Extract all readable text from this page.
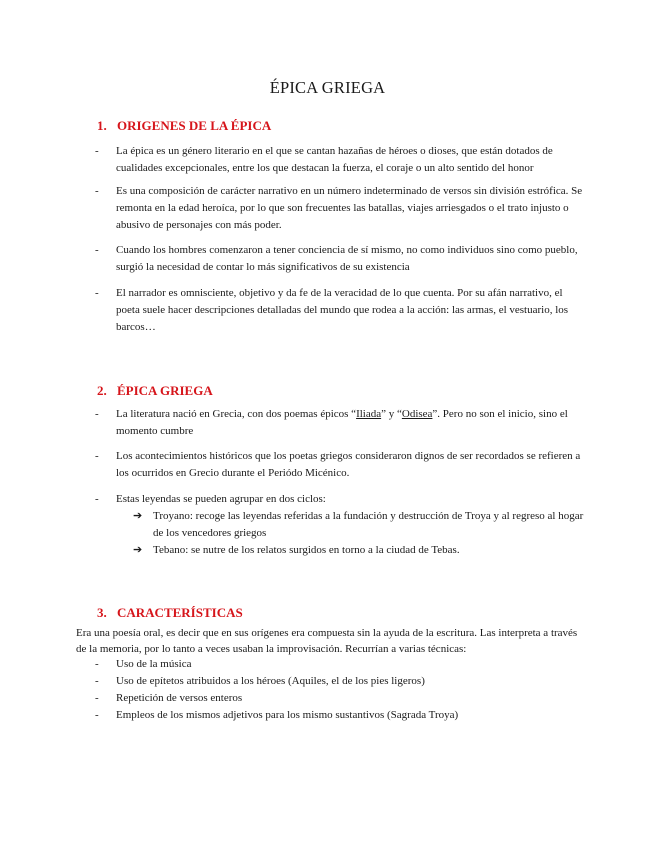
ÉPICA GRIEGA
1. ORIGENES DE LA ÉPICA
- La épica es un género literario en el que se cantan hazañas de héroes o dioses, que están dotados de cualidades excepcionales, entre los que destacan la fuerza, el coraje o un alto sentido del honor
- Es una composición de carácter narrativo en un número indeterminado de versos sin división estrófica. Se remonta en la edad heroíca, por lo que son frecuentes las batallas, viajes arriesgados o el trato injusto o abusivo de personajes con más poder.
- Cuando los hombres comenzaron a tener conciencia de sí mismo, no como individuos sino como pueblo, surgió la necesidad de contar lo más significativos de su existencia
- El narrador es omnisciente, objetivo y da fe de la veracidad de lo que cuenta. Por su afán narrativo, el poeta suele hacer descripciones detalladas del mundo que rodea a la acción: las armas, el vestuario, los barcos…
2. ÉPICA GRIEGA
- La literatura nació en Grecia, con dos poemas épicos “Iliada” y “Odisea”. Pero no son el inicio, sino el momento cumbre
- Los acontecimientos históricos que los poetas griegos consideraron dignos de ser recordados se refieren a los ocurridos en Grecio durante el Periódo Micénico.
- Estas leyendas se pueden agrupar en dos ciclos:
➔ Troyano: recoge las leyendas referidas a la fundación y destrucción de Troya y al regreso al hogar de los vencedores griegos
➔ Tebano: se nutre de los relatos surgidos en torno a la ciudad de Tebas.
3. CARACTERÍSTICAS
Era una poesía oral, es decir que en sus orígenes era compuesta sin la ayuda de la escritura. Las interpreta a través de la memoria, por lo tanto a veces usaban la improvisación. Recurrían a varias técnicas:
- Uso de la música
- Uso de epítetos atribuidos a los héroes (Aquiles, el de los pies ligeros)
- Repetición de versos enteros
- Empleos de los mismos adjetivos para los mismo sustantivos (Sagrada Troya)
